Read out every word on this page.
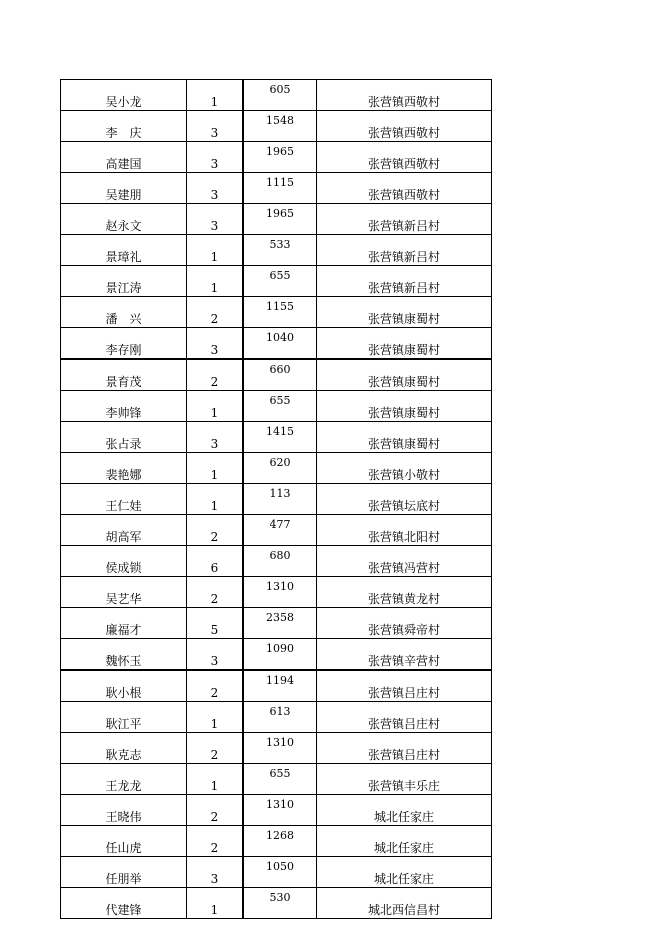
吴小龙	1	605	张营镇西敬村
李　庆	3	1548	张营镇西敬村
高建国	3	1965	张营镇西敬村
吴建朋	3	1115	张营镇西敬村
赵永文	3	1965	张营镇新吕村
景璋礼	1	533	张营镇新吕村
景江涛	1	655	张营镇新吕村
潘　兴	2	1155	张营镇康蜀村
李存刚	3	1040	张营镇康蜀村
景育茂	2	660	张营镇康蜀村
李帅锋	1	655	张营镇康蜀村
张占录	3	1415	张营镇康蜀村
裴艳娜	1	620	张营镇小敬村
王仁娃	1	113	张营镇坛底村
胡高军	2	477	张营镇北阳村
侯成锁	6	680	张营镇冯营村
吴艺华	2	1310	张营镇黄龙村
廉福才	5	2358	张营镇舜帝村
魏怀玉	3	1090	张营镇辛营村
耿小根	2	1194	张营镇吕庄村
耿江平	1	613	张营镇吕庄村
耿克志	2	1310	张营镇吕庄村
王龙龙	1	655	张营镇丰乐庄
王晓伟	2	1310	城北任家庄
任山虎	2	1268	城北任家庄
任朋举	3	1050	城北任家庄
代建锋	1	530	城北西信昌村
